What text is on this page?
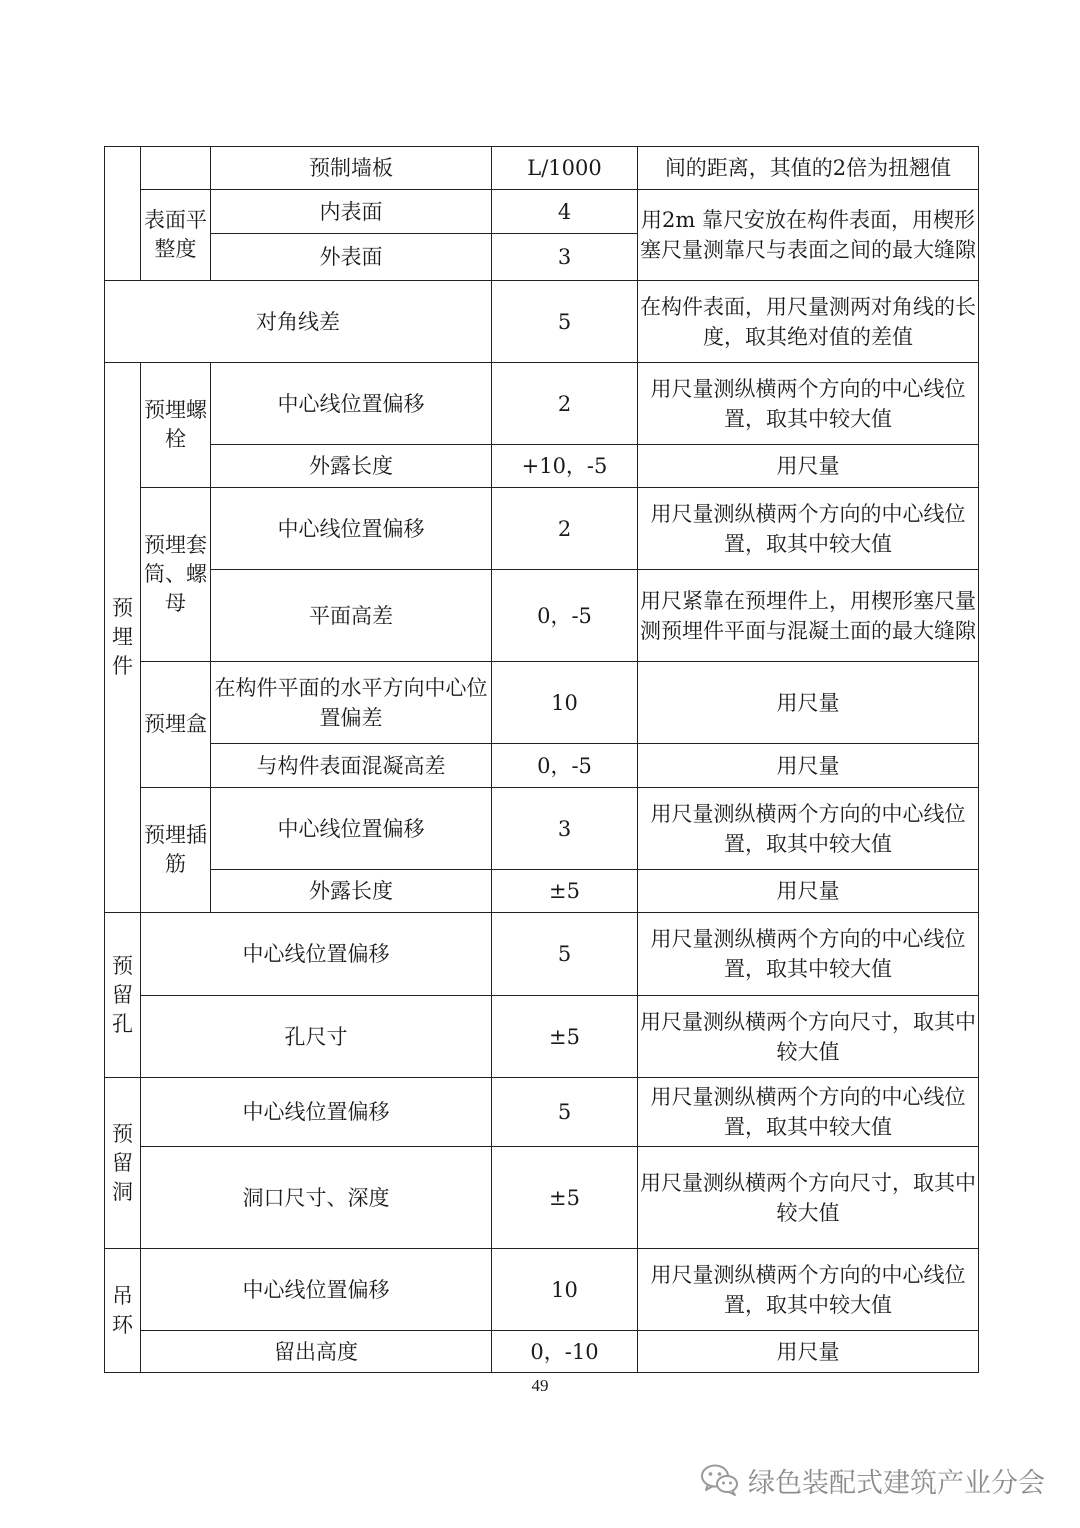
		预制墙板	L/1000	间的距离，其值的2倍为扭翘值
	表面平整度	内表面	4	用2m 靠尺安放在构件表面，用楔形塞尺量测靠尺与表面之间的最大缝隙
		外表面	3	
对角线差			5	在构件表面，用尺量测两对角线的长度，取其绝对值的差值
预埋件	预埋螺栓	中心线位置偏移	2	用尺量测纵横两个方向的中心线位置，取其中较大值
		外露长度	+10，-5	用尺量
	预埋套筒、螺母	中心线位置偏移	2	用尺量测纵横两个方向的中心线位置，取其中较大值
		平面高差	0，-5	用尺紧靠在预埋件上，用楔形塞尺量测预埋件平面与混凝土面的最大缝隙
	预埋盒	在构件平面的水平方向中心位置偏差	10	用尺量
		与构件表面混凝高差	0，-5	用尺量
	预埋插筋	中心线位置偏移	3	用尺量测纵横两个方向的中心线位置，取其中较大值
		外露长度	±5	用尺量
预留孔	中心线位置偏移		5	用尺量测纵横两个方向的中心线位置，取其中较大值
	孔尺寸		±5	用尺量测纵横两个方向尺寸，取其中较大值
预留洞	中心线位置偏移		5	用尺量测纵横两个方向的中心线位置，取其中较大值
	洞口尺寸、深度		±5	用尺量测纵横两个方向尺寸，取其中较大值
吊环	中心线位置偏移		10	用尺量测纵横两个方向的中心线位置，取其中较大值
	留出高度		0，-10	用尺量
49
绿色装配式建筑产业分会
